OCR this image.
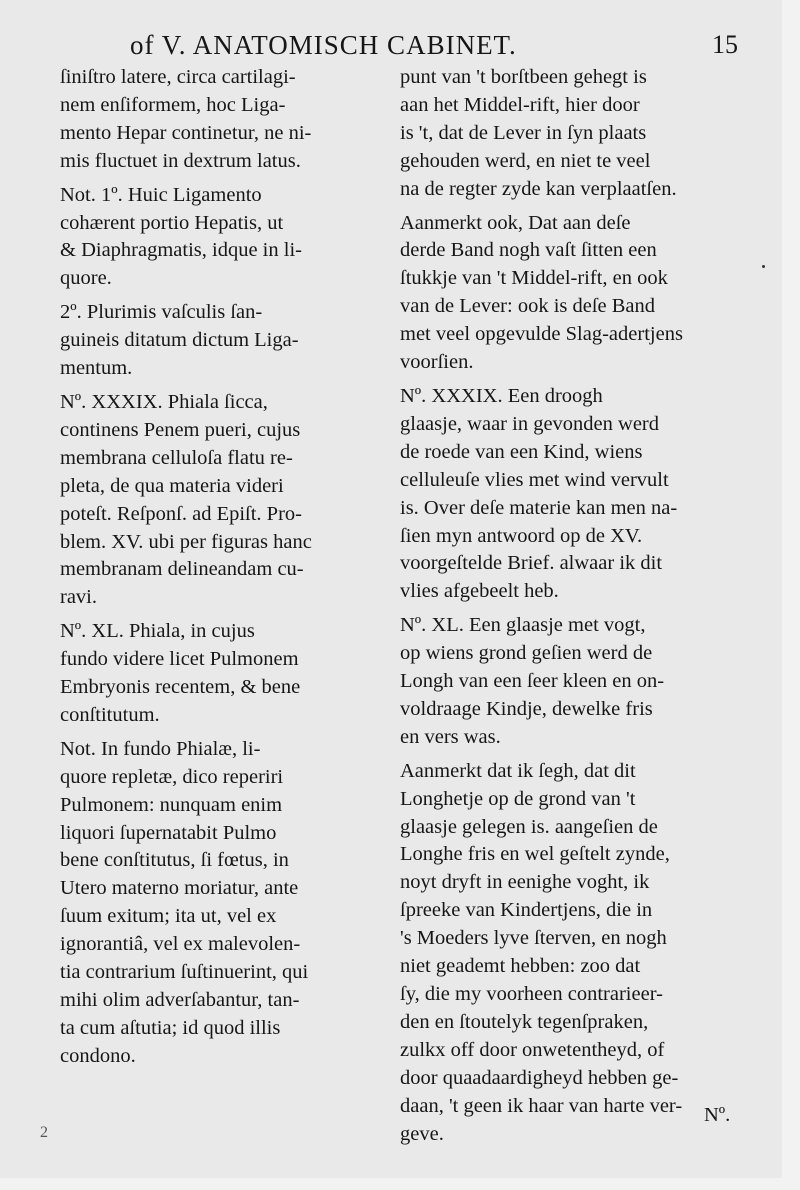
of V. ANATOMISCH CABINET.	15
ſiniſtro latere, circa cartilagi-
nem enſiformem, hoc Liga-
mento Hepar continetur, ne ni-
mis fluctuet in dextrum latus.
Not. 1º. Huic Ligamento
cohærent portio Hepatis, ut
& Diaphragmatis, idque in li-
quore.
2º. Plurimis vaſculis ſan-
guineis ditatum dictum Liga-
mentum.
Nº. XXXIX. Phiala ſicca,
continens Penem pueri, cujus
membrana celluloſa flatu re-
pleta, de qua materia videri
poteſt. Reſponſ. ad Epiſt. Pro-
blem. XV. ubi per figuras hanc
membranam delineandam cu-
ravi.
Nº. XL. Phiala, in cujus
fundo videre licet Pulmonem
Embryonis recentem, & bene
conſtitutum.
Not. In fundo Phialæ, li-
quore repletæ, dico reperiri
Pulmonem: nunquam enim
liquori ſupernatabit Pulmo
bene conſtitutus, ſi fœtus, in
Utero materno moriatur, ante
ſuum exitum; ita ut, vel ex
ignorantiâ, vel ex malevolen-
tia contrarium ſuſtinuerint, qui
mihi olim adverſabantur, tan-
ta cum aſtutia; id quod illis
condono.
punt van 't borſtbeen gehegt is
aan het Middel-rift, hier door
is 't, dat de Lever in ſyn plaats
gehouden werd, en niet te veel
na de regter zyde kan verplaatſen.
Aanmerkt ook, Dat aan deſe
derde Band nogh vaſt ſitten een
ſtukkje van 't Middel-rift, en ook
van de Lever: ook is deſe Band
met veel opgevulde Slag-adertjens
voorſien.
Nº. XXXIX. Een droogh
glaasje, waar in gevonden werd
de roede van een Kind, wiens
celluleuſe vlies met wind vervult
is. Over deſe materie kan men na-
ſien myn antwoord op de XV.
voorgeſtelde Brief. alwaar ik dit
vlies afgebeelt heb.
Nº. XL. Een glaasje met vogt,
op wiens grond geſien werd de
Longh van een ſeer kleen en on-
voldraage Kindje, dewelke fris
en vers was.
Aanmerkt dat ik ſegh, dat dit
Longhetje op de grond van 't
glaasje gelegen is. aangeſien de
Longhe fris en wel geſtelt zynde,
noyt dryft in eenighe voght, ik
ſpreeke van Kindertjens, die in
's Moeders lyve ſterven, en nogh
niet geademt hebben: zoo dat
ſy, die my voorheen contrarieer-
den en ſtoutelyk tegenſpraken,
zulkx off door onwetentheyd, of
door quaadaardigheyd hebben ge-
daan, 't geen ik haar van harte ver-
geve.
Nº.
2
